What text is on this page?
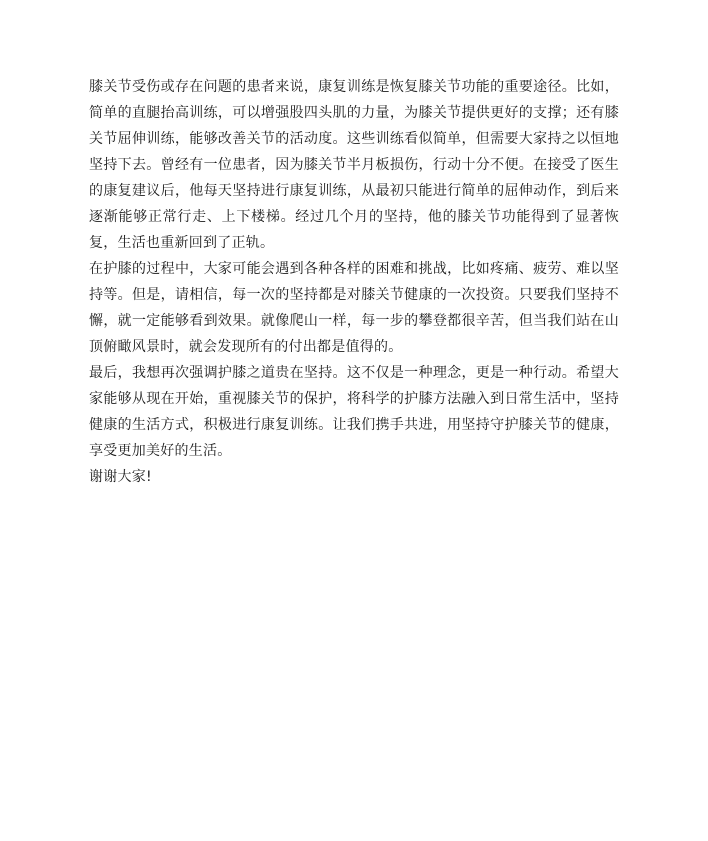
膝关节受伤或存在问题的患者来说，康复训练是恢复膝关节功能的重要途径。比如，简单的直腿抬高训练，可以增强股四头肌的力量，为膝关节提供更好的支撑；还有膝关节屈伸训练，能够改善关节的活动度。这些训练看似简单，但需要大家持之以恒地坚持下去。曾经有一位患者，因为膝关节半月板损伤，行动十分不便。在接受了医生的康复建议后，他每天坚持进行康复训练，从最初只能进行简单的屈伸动作，到后来逐渐能够正常行走、上下楼梯。经过几个月的坚持，他的膝关节功能得到了显著恢复，生活也重新回到了正轨。

在护膝的过程中，大家可能会遇到各种各样的困难和挑战，比如疼痛、疲劳、难以坚持等。但是，请相信，每一次的坚持都是对膝关节健康的一次投资。只要我们坚持不懈，就一定能够看到效果。就像爬山一样，每一步的攀登都很辛苦，但当我们站在山顶俯瞰风景时，就会发现所有的付出都是值得的。

最后，我想再次强调护膝之道贵在坚持。这不仅是一种理念，更是一种行动。希望大家能够从现在开始，重视膝关节的保护，将科学的护膝方法融入到日常生活中，坚持健康的生活方式，积极进行康复训练。让我们携手共进，用坚持守护膝关节的健康，享受更加美好的生活。

谢谢大家!
